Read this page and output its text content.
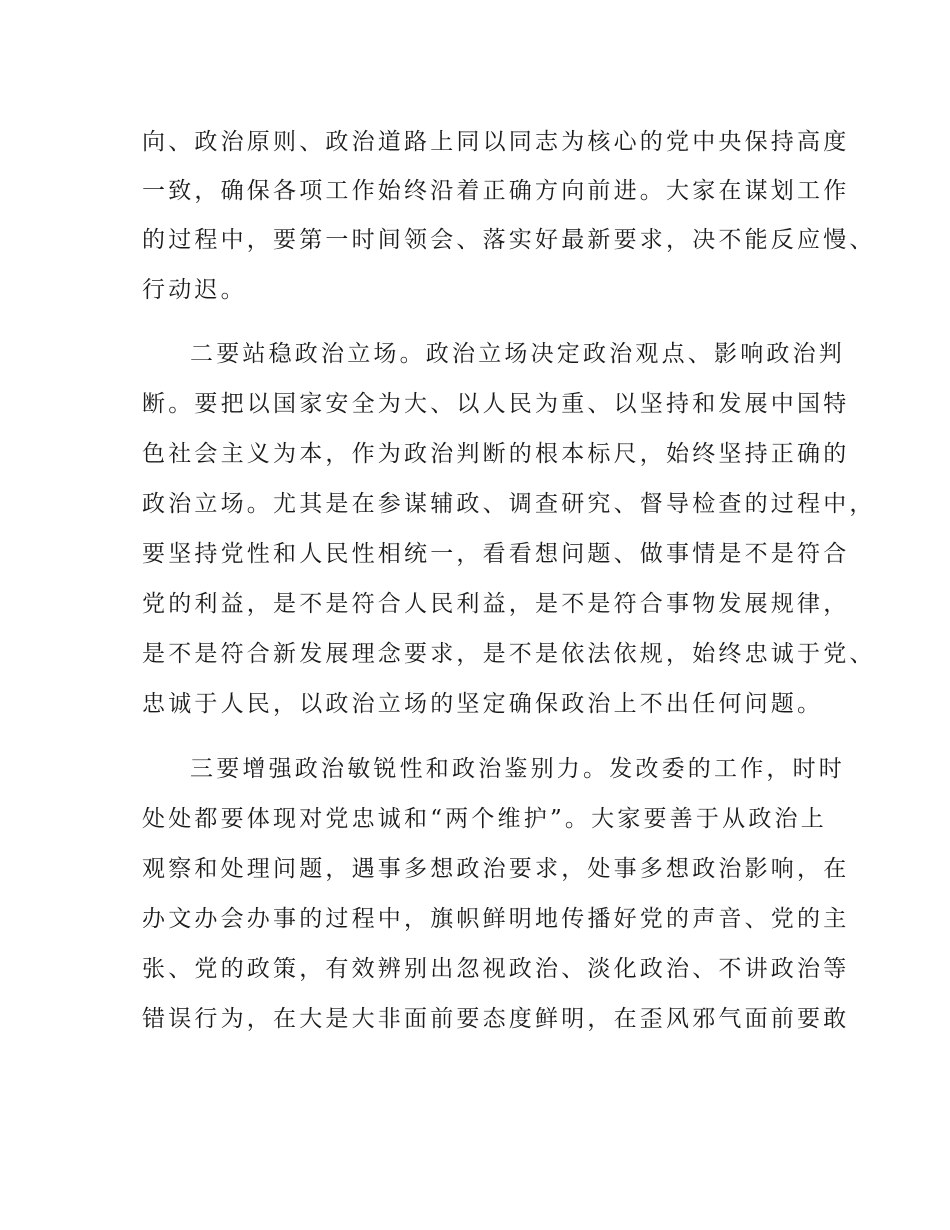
向、政治原则、政治道路上同以同志为核心的党中央保持高度

一致，确保各项工作始终沿着正确方向前进。大家在谋划工作

的过程中，要第一时间领会、落实好最新要求，决不能反应慢、

行动迟。

二要站稳政治立场。政治立场决定政治观点、影响政治判

断。要把以国家安全为大、以人民为重、以坚持和发展中国特

色社会主义为本，作为政治判断的根本标尺，始终坚持正确的

政治立场。尤其是在参谋辅政、调查研究、督导检查的过程中，

要坚持党性和人民性相统一，看看想问题、做事情是不是符合

党的利益，是不是符合人民利益，是不是符合事物发展规律，

是不是符合新发展理念要求，是不是依法依规，始终忠诚于党、

忠诚于人民，以政治立场的坚定确保政治上不出任何问题。

三要增强政治敏锐性和政治鉴别力。发改委的工作，时时

处处都要体现对党忠诚和“两个维护”。大家要善于从政治上

观察和处理问题，遇事多想政治要求，处事多想政治影响，在

办文办会办事的过程中，旗帜鲜明地传播好党的声音、党的主

张、党的政策，有效辨别出忽视政治、淡化政治、不讲政治等

错误行为，在大是大非面前要态度鲜明，在歪风邪气面前要敢
